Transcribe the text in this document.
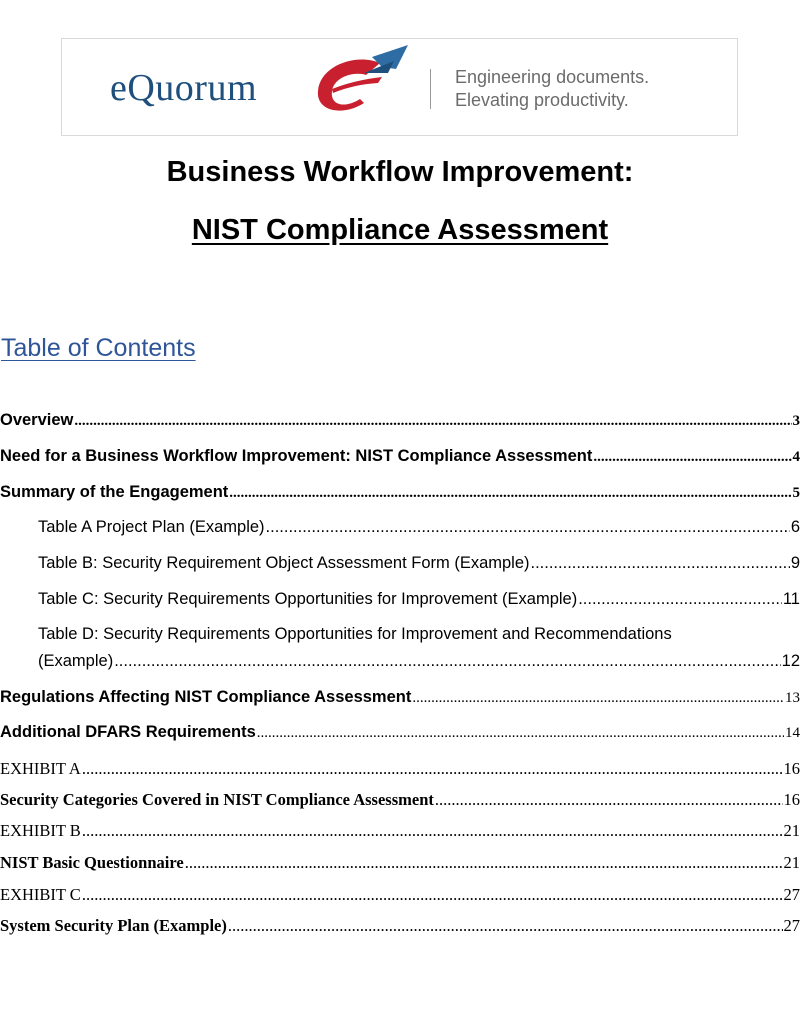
eQuorum	Engineering documents.
Elevating productivity.
Business Workflow Improvement:
NIST Compliance Assessment
Table of Contents
Overview .....	3
Need for a Business Workflow Improvement: NIST Compliance Assessment .....	4
Summary of the Engagement .....	5
Table A Project Plan (Example) .....	6
Table B: Security Requirement Object Assessment Form (Example) .....	9
Table C: Security Requirements Opportunities for Improvement (Example) .....	11
Table D: Security Requirements Opportunities for Improvement and Recommendations
(Example) .....	12
Regulations Affecting NIST Compliance Assessment .....	13
Additional DFARS Requirements .....	14
EXHIBIT A .....	16
Security Categories Covered in NIST Compliance Assessment .....	16
EXHIBIT B .....	21
NIST Basic Questionnaire .....	21
EXHIBIT C .....	27
System Security Plan (Example) .....	27
